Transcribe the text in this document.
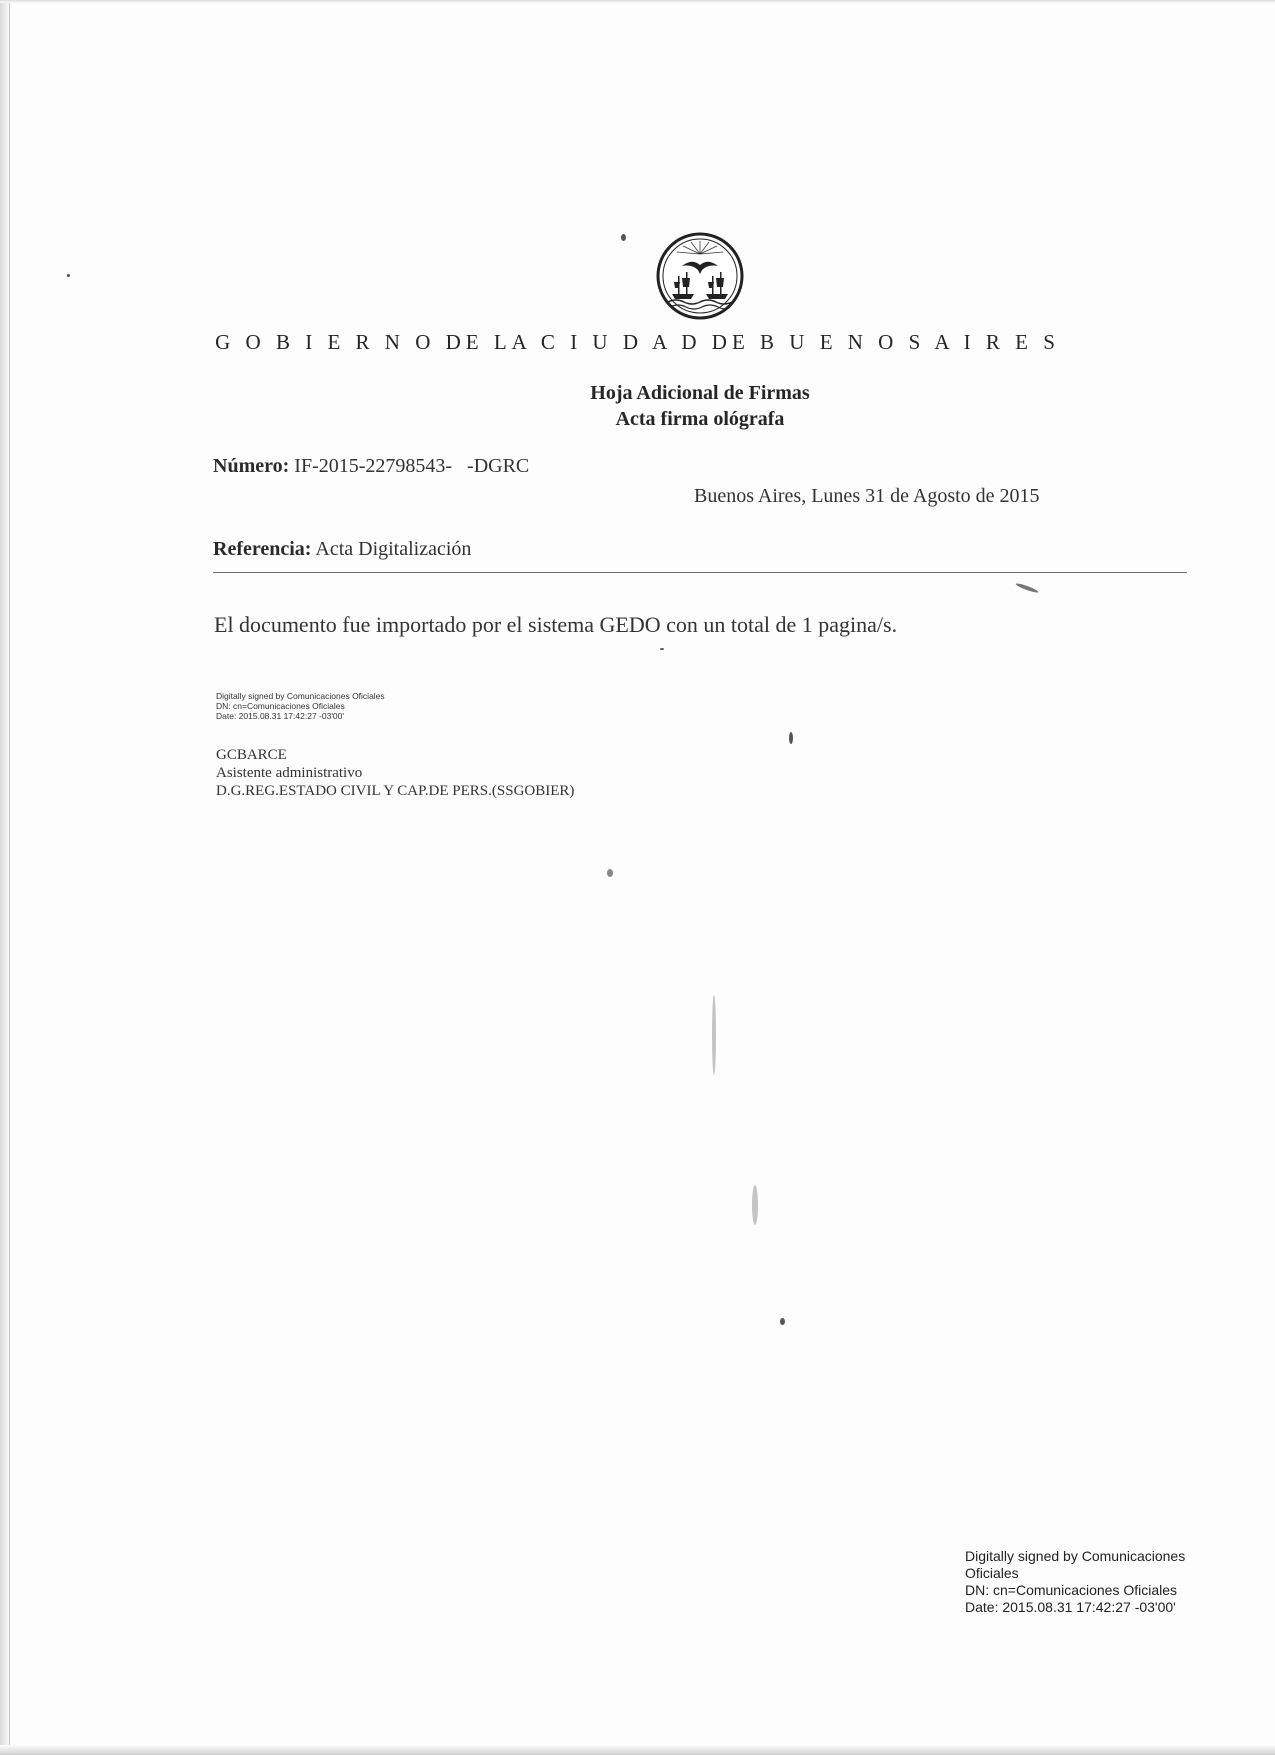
G O B I E R N O DE LA C I U D A D DE B U E N O S A I R E S
Hoja Adicional de Firmas
Acta firma ológrafa
Número: IF-2015-22798543-   -DGRC
Buenos Aires, Lunes 31 de Agosto de 2015
Referencia: Acta Digitalización
El documento fue importado por el sistema GEDO con un total de 1 pagina/s.
Digitally signed by Comunicaciones Oficiales
DN: cn=Comunicaciones Oficiales
Date: 2015.08.31 17:42:27 -03'00'
GCBARCE
Asistente administrativo
D.G.REG.ESTADO CIVIL Y CAP.DE PERS.(SSGOBIER)
Digitally signed by Comunicaciones
Oficiales
DN: cn=Comunicaciones Oficiales
Date: 2015.08.31 17:42:27 -03'00'
